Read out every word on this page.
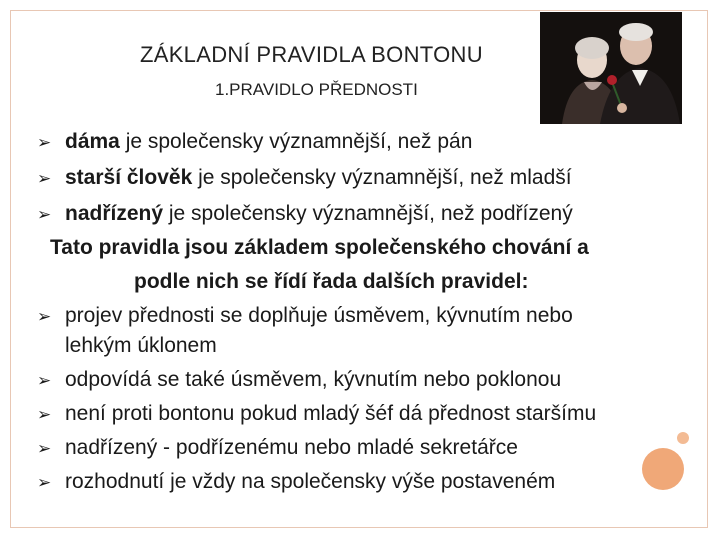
ZÁKLADNÍ PRAVIDLA BONTONU
1.PRAVIDLO PŘEDNOSTI
➢ dáma je společensky významnější, než pán
➢ starší člověk je společensky významnější, než mladší
➢ nadřízený je společensky významnější, než podřízený
Tato pravidla jsou základem společenského chování a
podle nich se řídí řada dalších pravidel:
➢ projev přednosti se doplňuje úsměvem, kývnutím nebo
lehkým úklonem
➢ odpovídá se také úsměvem, kývnutím nebo poklonou
➢ není proti bontonu pokud mladý šéf dá přednost staršímu
➢ nadřízený - podřízenému nebo mladé sekretářce
➢ rozhodnutí je vždy na společensky výše postaveném
